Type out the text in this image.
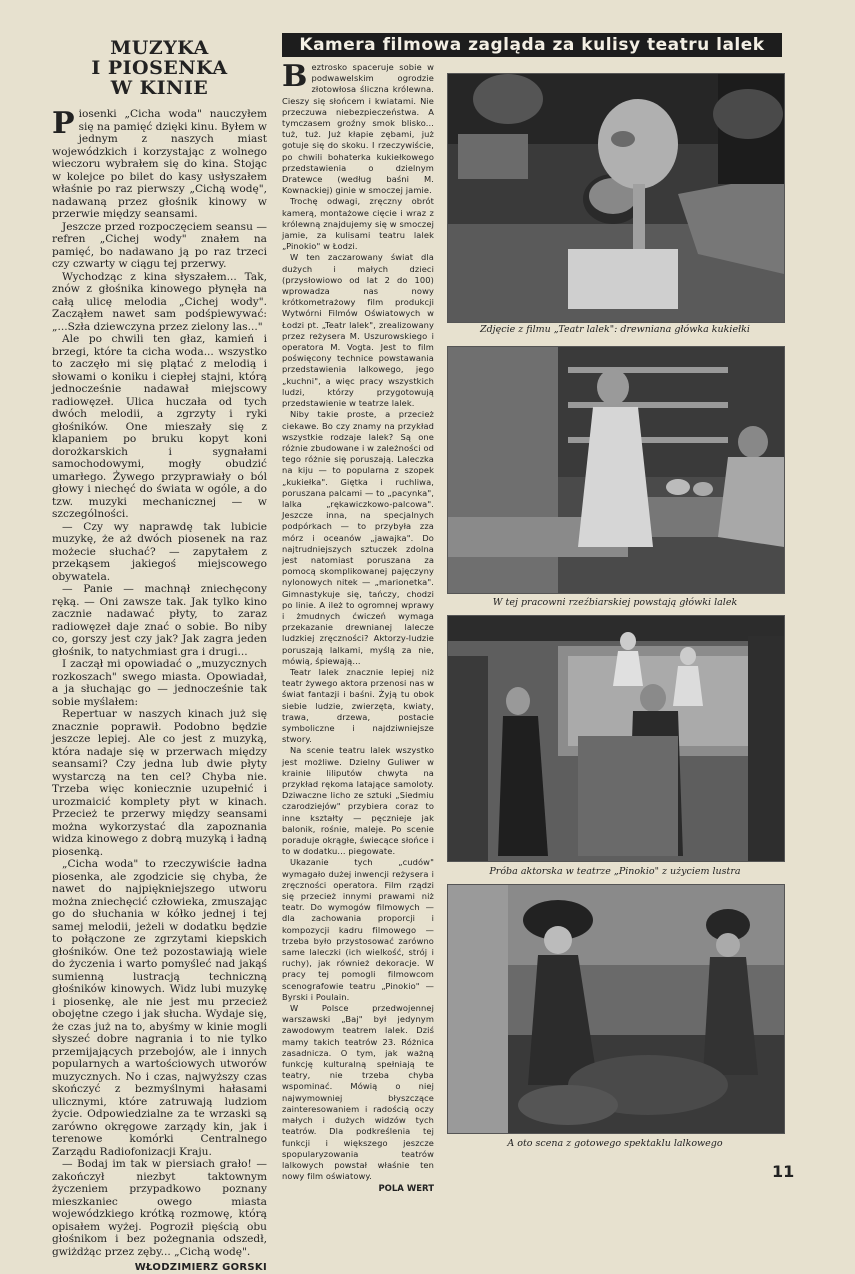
MUZYKA
I PIOSENKA
W KINIE

Piosenki „Cicha woda" nauczyłem się na pamięć dzięki kinu. Byłem w jednym z naszych miast wojewódzkich i korzystając z wolnego wieczoru wybrałem się do kina. Stojąc w kolejce po bilet do kasy usłyszałem właśnie po raz pierwszy „Cichą wodę", nadawaną przez głośnik kinowy w przerwie między seansami.

Jeszcze przed rozpoczęciem seansu — refren „Cichej wody" znałem na pamięć, bo nadawano ją po raz trzeci czy czwarty w ciągu tej przerwy.

Wychodząc z kina słyszałem... Tak, znów z głośnika kinowego płynęła na całą ulicę melodia „Cichej wody". Zacząłem nawet sam podśpiewywać: „...Szła dziewczyna przez zielony las..."

Ale po chwili ten głaz, kamień i brzegi, które ta cicha woda... wszystko to zaczęło mi się plątać z melodią i słowami o koniku i ciepłej stajni, którą jednocześnie nadawał miejscowy radiowęzeł. Ulica huczała od tych dwóch melodii, a zgrzyty i ryki głośników. One mieszały się z klapaniem po bruku kopyt koni dorożkarskich i sygnałami samochodowymi, mogły obudzić umarłego. Żywego przyprawiały o ból głowy i niechęć do świata w ogóle, a do tzw. muzyki mechanicznej — w szczególności.

— Czy wy naprawdę tak lubicie muzykę, że aż dwóch piosenek na raz możecie słuchać? — zapytałem z przekąsem jakiegoś miejscowego obywatela.

— Panie — machnął zniechęcony ręką. — Oni zawsze tak. Jak tylko kino zacznie nadawać płyty, to zaraz radiowęzeł daje znać o sobie. Bo niby co, gorszy jest czy jak? Jak zagra jeden głośnik, to natychmiast gra i drugi...

I zaczął mi opowiadać o „muzycznych rozkoszach" swego miasta. Opowiadał, a ja słuchając go — jednocześnie tak sobie myślałem:

Repertuar w naszych kinach już się znacznie poprawił. Podobno będzie jeszcze lepiej. Ale co jest z muzyką, która nadaje się w przerwach między seansami? Czy jedna lub dwie płyty wystarczą na ten cel? Chyba nie. Trzeba więc koniecznie uzupełnić i urozmaicić komplety płyt w kinach. Przecież te przerwy między seansami można wykorzystać dla zapoznania widza kinowego z dobrą muzyką i ładną piosenką.

„Cicha woda" to rzeczywiście ładna piosenka, ale zgodzicie się chyba, że nawet do najpiękniejszego utworu można zniechęcić człowieka, zmuszając go do słuchania w kółko jednej i tej samej melodii, jeżeli w dodatku będzie to połączone ze zgrzytami kiepskich głośników. One też pozostawiają wiele do życzenia i warto pomyśleć nad jakąś sumienną lustracją techniczną głośników kinowych. Widz lubi muzykę i piosenkę, ale nie jest mu przecież obojętne czego i jak słucha. Wydaje się, że czas już na to, abyśmy w kinie mogli słyszeć dobre nagrania i to nie tylko przemijających przebojów, ale i innych popularnych a wartościowych utworów muzycznych. No i czas, najwyższy czas skończyć z bezmyślnymi hałasami ulicznymi, które zatruwają ludziom życie. Odpowiedzialne za te wrzaski są zarówno okręgowe zarządy kin, jak i terenowe komórki Centralnego Zarządu Radiofonizacji Kraju.

— Bodaj im tak w piersiach grało! — zakończył niezbyt taktownym życzeniem przypadkowo poznany mieszkaniec owego miasta wojewódzkiego krótką rozmowę, którą opisałem wyżej. Pogroził pięścią obu głośnikom i bez pożegnania odszedł, gwiżdżąc przez zęby... „Cichą wodę".

WŁODZIMIERZ GORSKI
Kamera filmowa zagląda za kulisy teatru lalek

Beztrosko spaceruje sobie w podwawelskim ogrodzie złotowłosa śliczna królewna. Cieszy się słońcem i kwiatami. Nie przeczuwa niebezpieczeństwa. A tymczasem groźny smok blisko... tuż, tuż. Już kłapie zębami, już gotuje się do skoku. I rzeczywiście, po chwili bohaterka kukiełkowego przedstawienia o dzielnym Dratewce (według baśni M. Kownackiej) ginie w smoczej jamie.

Trochę odwagi, zręczny obrót kamerą, montażowe cięcie i wraz z królewną znajdujemy się w smoczej jamie, za kulisami teatru lalek „Pinokio" w Łodzi.

W ten zaczarowany świat dla dużych i małych dzieci (przysłowiowo od lat 2 do 100) wprowadza nas nowy krótkometrażowy film produkcji Wytwórni Filmów Oświatowych w Łodzi pt. „Teatr lalek", zrealizowany przez reżysera M. Uszurowskiego i operatora M. Vogta. Jest to film poświęcony technice powstawania przedstawienia lalkowego, jego „kuchni", a więc pracy wszystkich ludzi, którzy przygotowują przedstawienie w teatrze lalek.

Niby takie proste, a przecież ciekawe. Bo czy znamy na przykład wszystkie rodzaje lalek? Są one różnie zbudowane i w zależności od tego różnie się poruszają. Laleczka na kiju — to popularna z szopek „kukiełka". Giętka i ruchliwa, poruszana palcami — to „pacynka", lalka „rękawiczkowo-palcowa". Jeszcze inna, na specjalnych podpórkach — to przybyła zza mórz i oceanów „jawajka". Do najtrudniejszych sztuczek zdolna jest natomiast poruszana za pomocą skomplikowanej pajęczyny nylonowych nitek — „marionetka". Gimnastykuje się, tańczy, chodzi po linie. A ileż to ogromnej wprawy i żmudnych ćwiczeń wymaga przekazanie drewnianej lalecze ludzkiej zręczności? Aktorzy-ludzie poruszają lalkami, myślą za nie, mówią, śpiewają...

Teatr lalek znacznie lepiej niż teatr żywego aktora przenosi nas w świat fantazji i baśni. Żyją tu obok siebie ludzie, zwierzęta, kwiaty, trawa, drzewa, postacie symboliczne i najdziwniejsze stwory.

Na scenie teatru lalek wszystko jest możliwe. Dzielny Guliwer w krainie liliputów chwyta na przykład rękoma latające samoloty. Dziwaczne licho ze sztuki „Siedmiu czarodziejów" przybiera coraz to inne kształty — pęcznieje jak balonik, rośnie, maleje. Po scenie poraduje okrągłe, świecące słońce i to w dodatku... piegowate.

Ukazanie tych „cudów" wymagało dużej inwencji reżysera i zręczności operatora. Film rządzi się przecież innymi prawami niż teatr. Do wymogów filmowych — dla zachowania proporcji i kompozycji kadru filmowego — trzeba było przystosować zarówno same laleczki (ich wielkość, strój i ruchy), jak również dekoracje. W pracy tej pomogli filmowcom scenografowie teatru „Pinokio" — Byrski i Poulain.

W Polsce przedwojennej warszawski „Baj" był jedynym zawodowym teatrem lalek. Dziś mamy takich teatrów 23. Różnica zasadnicza. O tym, jak ważną funkcję kulturalną spełniają te teatry, nie trzeba chyba wspominać. Mówią o niej najwymowniej błyszczące zainteresowaniem i radością oczy małych i dużych widzów tych teatrów. Dla podkreślenia tej funkcji i większego jeszcze spopularyzowania teatrów lalkowych powstał właśnie ten nowy film oświatowy.

POLA WERT
Zdjęcie z filmu „Teatr lalek": drewniana główka kukiełki
W tej pracowni rzeźbiarskiej powstają główki lalek
Próba aktorska w teatrze „Pinokio" z użyciem lustra
A oto scena z gotowego spektaklu lalkowego
11
